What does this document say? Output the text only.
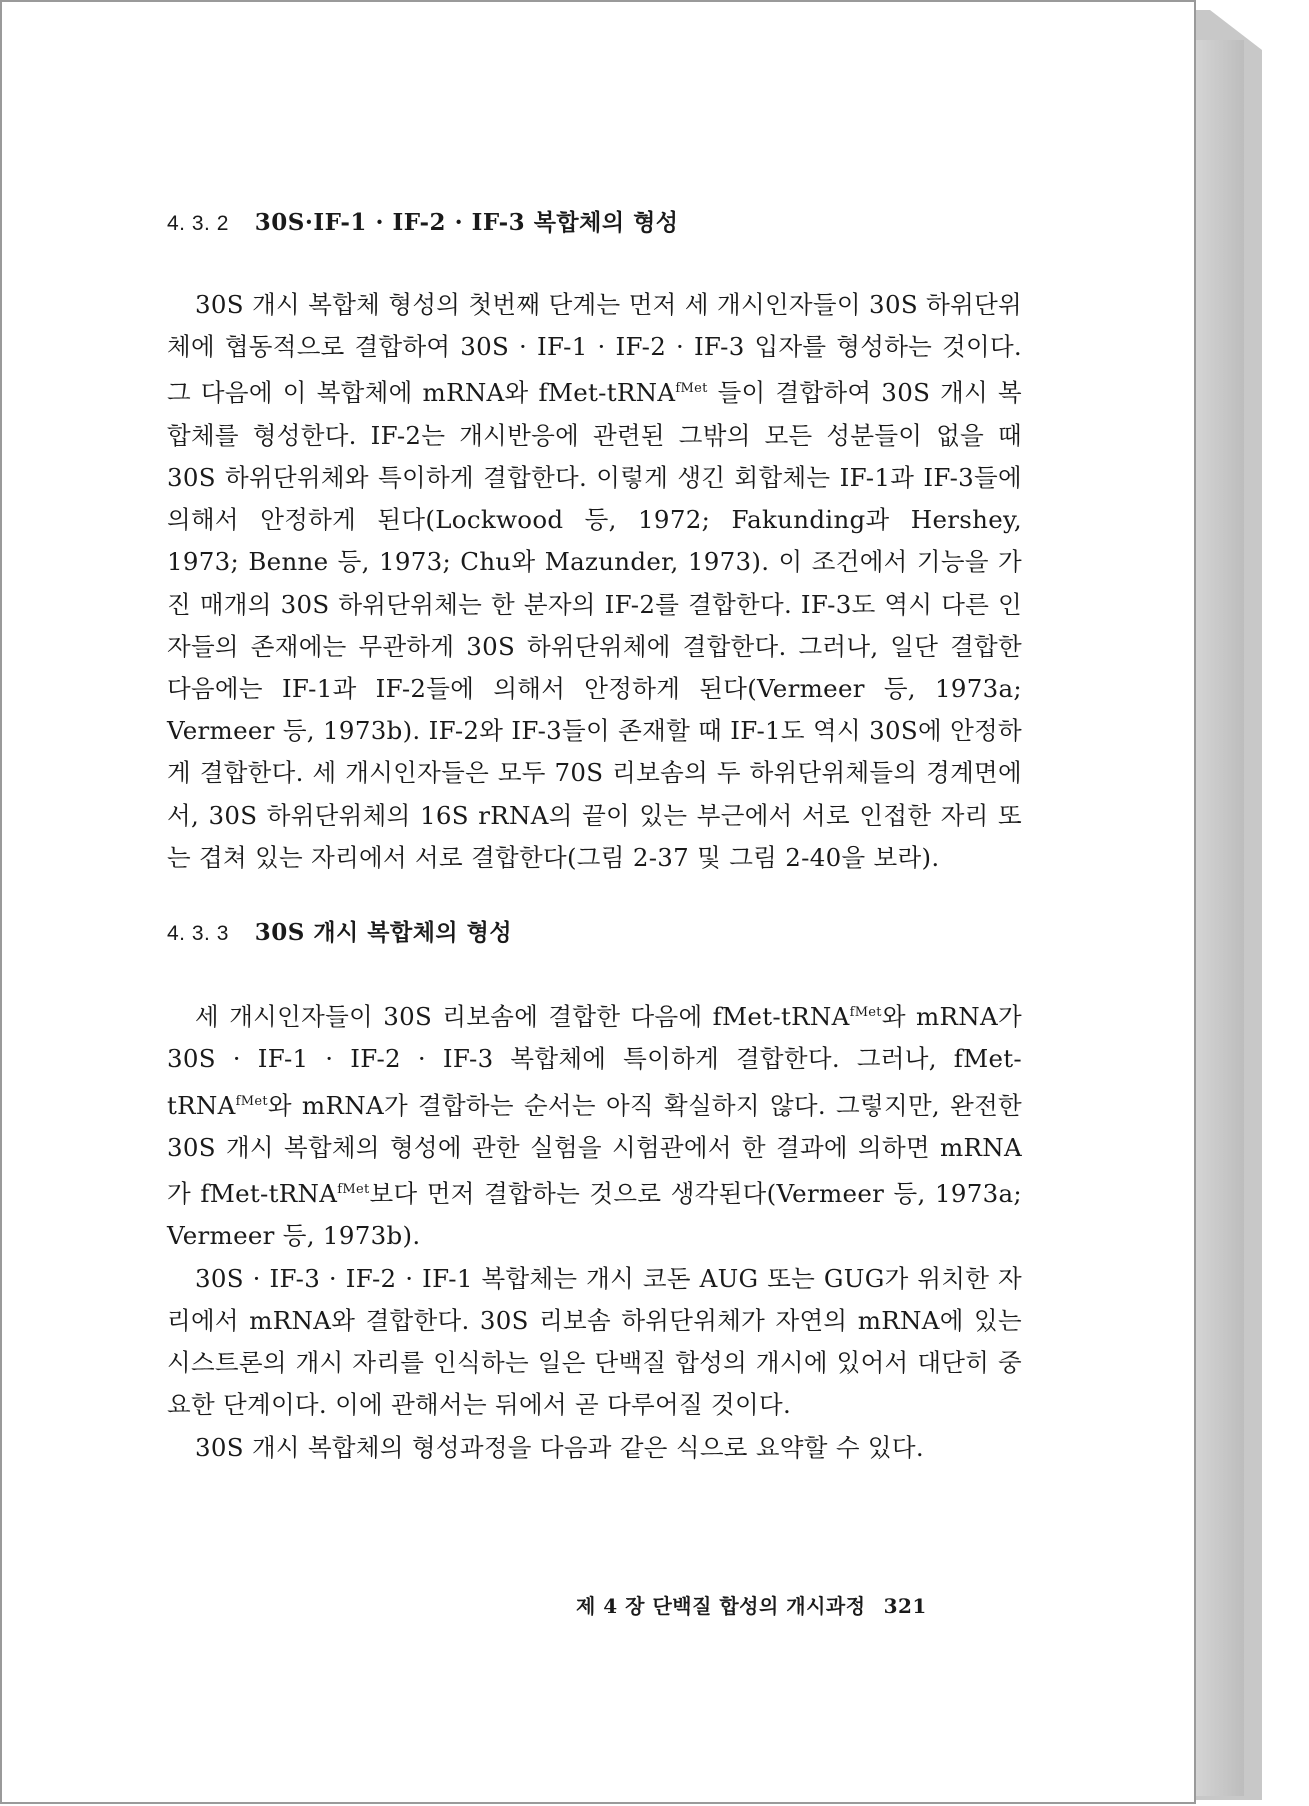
4. 3. 2 30S·IF-1 · IF-2 · IF-3 복합체의 형성

30S 개시 복합체 형성의 첫번째 단계는 먼저 세 개시인자들이 30S 하위단위체에 협동적으로 결합하여 30S · IF-1 · IF-2 · IF-3 입자를 형성하는 것이다. 그 다음에 이 복합체에 mRNA와 fMet-tRNA$^{fMet}$ 들이 결합하여 30S 개시 복합체를 형성한다. IF-2는 개시반응에 관련된 그밖의 모든 성분들이 없을 때 30S 하위단위체와 특이하게 결합한다. 이렇게 생긴 회합체는 IF-1과 IF-3들에 의해서 안정하게 된다(Lockwood 등, 1972; Fakunding과 Hershey, 1973; Benne 등, 1973; Chu와 Mazunder, 1973). 이 조건에서 기능을 가진 매개의 30S 하위단위체는 한 분자의 IF-2를 결합한다. IF-3도 역시 다른 인자들의 존재에는 무관하게 30S 하위단위체에 결합한다. 그러나, 일단 결합한 다음에는 IF-1과 IF-2들에 의해서 안정하게 된다(Vermeer 등, 1973a; Vermeer 등, 1973b). IF-2와 IF-3들이 존재할 때 IF-1도 역시 30S에 안정하게 결합한다. 세 개시인자들은 모두 70S 리보솜의 두 하위단위체들의 경계면에서, 30S 하위단위체의 16S rRNA의 끝이 있는 부근에서 서로 인접한 자리 또는 겹쳐 있는 자리에서 서로 결합한다(그림 2-37 및 그림 2-40을 보라).

4. 3. 3 30S 개시 복합체의 형성

세 개시인자들이 30S 리보솜에 결합한 다음에 fMet-tRNA$^{fMet}$와 mRNA가 30S · IF-1 · IF-2 · IF-3 복합체에 특이하게 결합한다. 그러나, fMet-tRNA$^{fMet}$와 mRNA가 결합하는 순서는 아직 확실하지 않다. 그렇지만, 완전한 30S 개시 복합체의 형성에 관한 실험을 시험관에서 한 결과에 의하면 mRNA가 fMet-tRNA$^{fMet}$보다 먼저 결합하는 것으로 생각된다(Vermeer 등, 1973a; Vermeer 등, 1973b).

30S · IF-3 · IF-2 · IF-1 복합체는 개시 코돈 AUG 또는 GUG가 위치한 자리에서 mRNA와 결합한다. 30S 리보솜 하위단위체가 자연의 mRNA에 있는 시스트론의 개시 자리를 인식하는 일은 단백질 합성의 개시에 있어서 대단히 중요한 단계이다. 이에 관해서는 뒤에서 곧 다루어질 것이다.

30S 개시 복합체의 형성과정을 다음과 같은 식으로 요약할 수 있다.

제 4 장 단백질 합성의 개시과정 321
